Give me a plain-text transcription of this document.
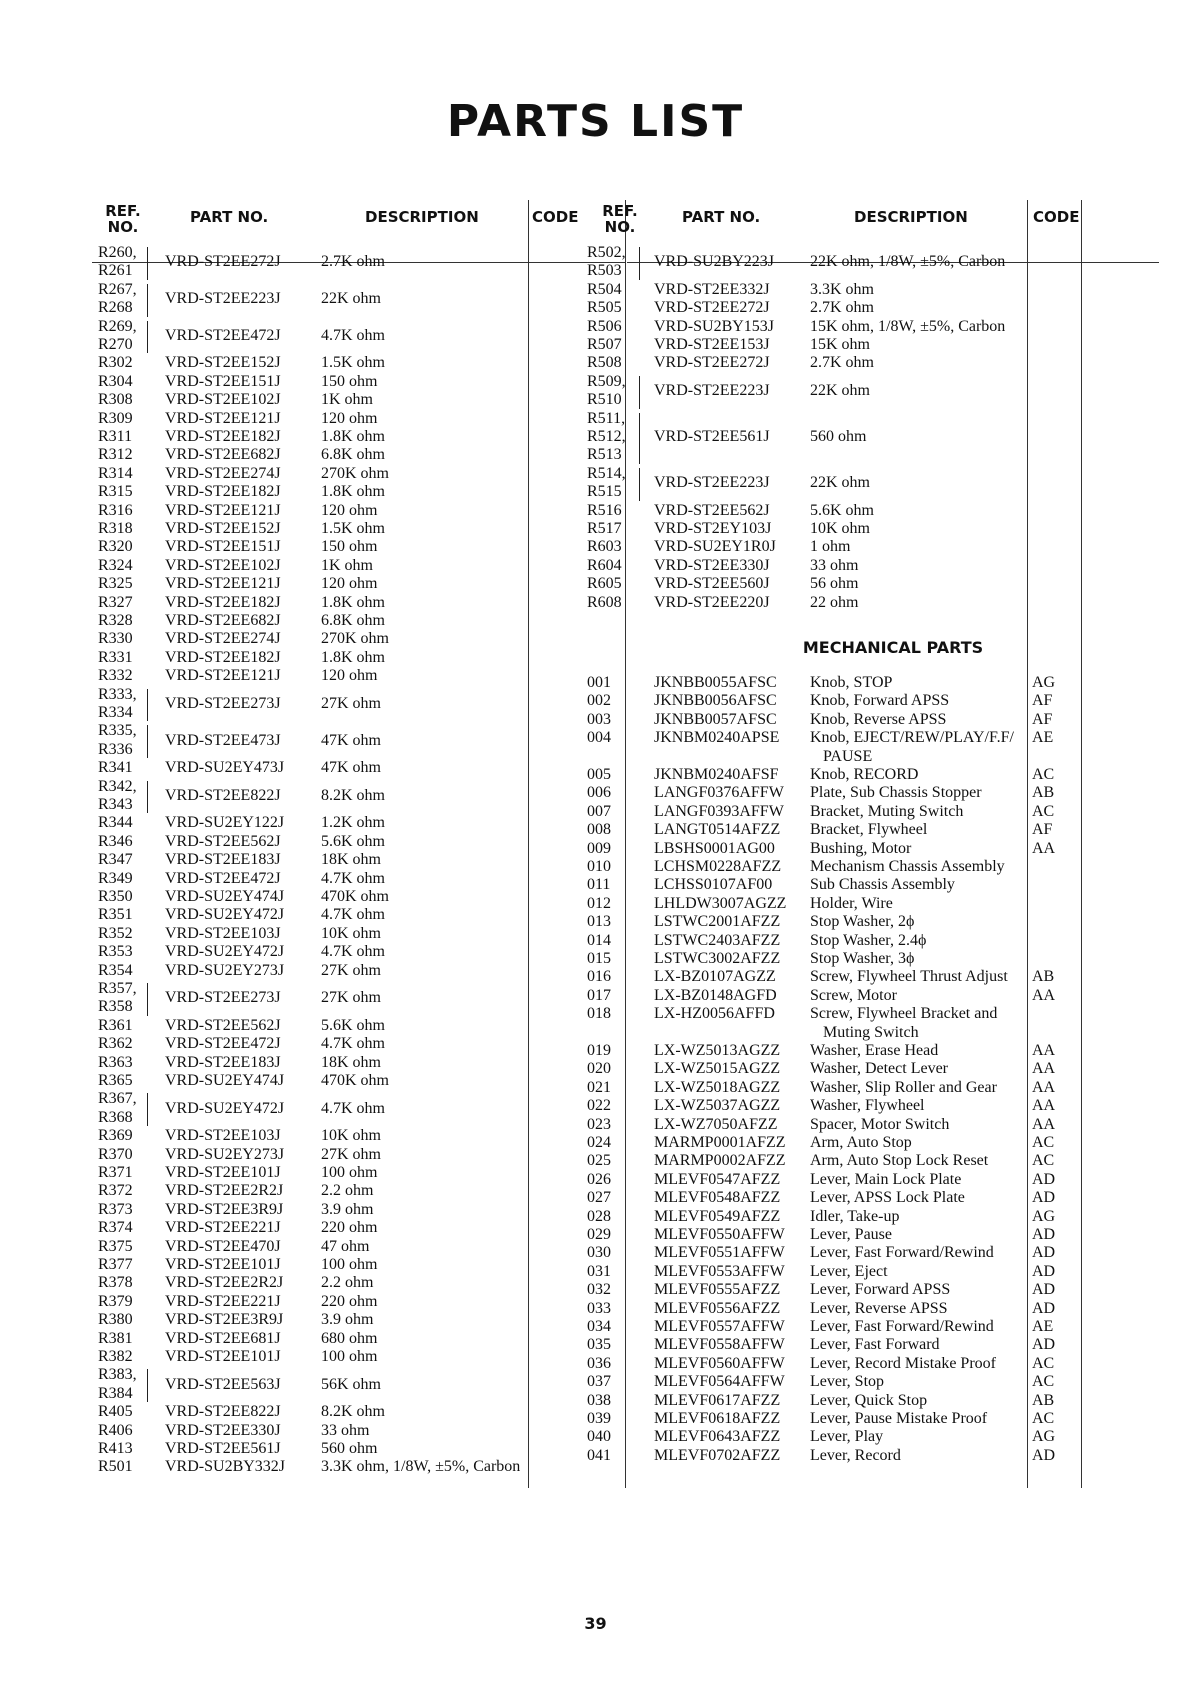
PARTS LIST
REF. NO.
PART NO.	DESCRIPTION	CODE
R260,
R261
VRD-ST2EE272J	2.7K ohm
R267,
R268
VRD-ST2EE223J	22K ohm
R269,
R270
VRD-ST2EE472J	4.7K ohm
R302 VRD-ST2EE152J	1.5K ohm
R304 VRD-ST2EE151J	150 ohm
R308 VRD-ST2EE102J	1K ohm
R309 VRD-ST2EE121J	120 ohm
R311 VRD-ST2EE182J	1.8K ohm
R312 VRD-ST2EE682J	6.8K ohm
R314 VRD-ST2EE274J	270K ohm
R315 VRD-ST2EE182J	1.8K ohm
R316 VRD-ST2EE121J	120 ohm
R318 VRD-ST2EE152J	1.5K ohm
R320 VRD-ST2EE151J	150 ohm
R324 VRD-ST2EE102J	1K ohm
R325 VRD-ST2EE121J	120 ohm
R327 VRD-ST2EE182J	1.8K ohm
R328 VRD-ST2EE682J	6.8K ohm
R330 VRD-ST2EE274J	270K ohm
R331 VRD-ST2EE182J	1.8K ohm
R332 VRD-ST2EE121J	120 ohm
R333,
R334
VRD-ST2EE273J	27K ohm
R335,
R336
VRD-ST2EE473J	47K ohm
R341 VRD-SU2EY473J 47K ohm
R342,
R343
VRD-ST2EE822J	8.2K ohm
R344 VRD-SU2EY122J 1.2K ohm
R346 VRD-ST2EE562J	5.6K ohm
R347 VRD-ST2EE183J	18K ohm
R349 VRD-ST2EE472J	4.7K ohm
R350 VRD-SU2EY474J 470K ohm
R351 VRD-SU2EY472J 4.7K ohm
R352 VRD-ST2EE103J	10K ohm
R353 VRD-SU2EY472J 4.7K ohm
R354 VRD-SU2EY273J 27K ohm
R357,
R358
VRD-ST2EE273J	27K ohm
R361 VRD-ST2EE562J	5.6K ohm
R362 VRD-ST2EE472J	4.7K ohm
R363 VRD-ST2EE183J	18K ohm
R365 VRD-SU2EY474J 470K ohm
R367,
R368
VRD-SU2EY472J 4.7K ohm
R369 VRD-ST2EE103J	10K ohm
R370 VRD-SU2EY273J 27K ohm
R371 VRD-ST2EE101J	100 ohm
R372 VRD-ST2EE2R2J 2.2 ohm
R373 VRD-ST2EE3R9J 3.9 ohm
R374 VRD-ST2EE221J	220 ohm
R375 VRD-ST2EE470J	47 ohm
R377 VRD-ST2EE101J	100 ohm
R378 VRD-ST2EE2R2J 2.2 ohm
R379 VRD-ST2EE221J	220 ohm
R380 VRD-ST2EE3R9J 3.9 ohm
R381 VRD-ST2EE681J	680 ohm
R382 VRD-ST2EE101J	100 ohm
R383,
R384
VRD-ST2EE563J	56K ohm
R405 VRD-ST2EE822J	8.2K ohm
R406 VRD-ST2EE330J	33 ohm
R413 VRD-ST2EE561J	560 ohm
R501 VRD-SU2BY332J 3.3K ohm, 1/8W, ±5%, Carbon
REF. NO.
PART NO.	DESCRIPTION	CODE
R502,
R503
VRD-SU2BY223J 22K ohm, 1/8W, ±5%, Carbon
R504 VRD-ST2EE332J	3.3K ohm
R505 VRD-ST2EE272J	2.7K ohm
R506 VRD-SU2BY153J 15K ohm, 1/8W, ±5%, Carbon
R507 VRD-ST2EE153J	15K ohm
R508 VRD-ST2EE272J	2.7K ohm
R509,
R510
VRD-ST2EE223J	22K ohm
R511,
R512,
R513
VRD-ST2EE561J	560 ohm
R514,
R515
VRD-ST2EE223J	22K ohm
R516 VRD-ST2EE562J	5.6K ohm
R517 VRD-ST2EY103J 10K ohm
R603 VRD-SU2EY1R0J 1 ohm
R604 VRD-ST2EE330J	33 ohm
R605 VRD-ST2EE560J	56 ohm
R608 VRD-ST2EE220J	22 ohm
MECHANICAL PARTS
001	JKNBB0055AFSC Knob, STOP	AG
002	JKNBB0056AFSC Knob, Forward APSS	AF
003	JKNBB0057AFSC Knob, Reverse APSS	AF
004	JKNBM0240APSE Knob, EJECT/REW/PLAY/F.F/
PAUSE
AE
005	JKNBM0240AFSF Knob, RECORD	AC
006	LANGF0376AFFW Plate, Sub Chassis Stopper	AB
007	LANGF0393AFFW Bracket, Muting Switch	AC
008	LANGT0514AFZZ Bracket, Flywheel	AF
009	LBSHS0001AG00 Bushing, Motor	AA
010	LCHSM0228AFZZ Mechanism Chassis Assembly
011	LCHSS0107AF00 Sub Chassis Assembly
012	LHLDW3007AGZZ Holder, Wire
013	LSTWC2001AFZZ Stop Washer, 2ϕ
014	LSTWC2403AFZZ Stop Washer, 2.4ϕ
015	LSTWC3002AFZZ Stop Washer, 3ϕ
016	LX-BZ0107AGZZ Screw, Flywheel Thrust Adjust AB
017	LX-BZ0148AGFD Screw, Motor	AA
018	LX-HZ0056AFFD Screw, Flywheel Bracket and
Muting Switch
019	LX-WZ5013AGZZ Washer, Erase Head	AA
020	LX-WZ5015AGZZ Washer, Detect Lever	AA
021	LX-WZ5018AGZZ Washer, Slip Roller and Gear AA
022	LX-WZ5037AGZZ Washer, Flywheel	AA
023	LX-WZ7050AFZZ Spacer, Motor Switch	AA
024	MARMP0001AFZZ Arm, Auto Stop	AC
025	MARMP0002AFZZ Arm, Auto Stop Lock Reset	AC
026	MLEVF0547AFZZ Lever, Main Lock Plate	AD
027	MLEVF0548AFZZ Lever, APSS Lock Plate	AD
028	MLEVF0549AFZZ Idler, Take-up	AG
029	MLEVF0550AFFW Lever, Pause	AD
030	MLEVF0551AFFW Lever, Fast Forward/Rewind AD
031	MLEVF0553AFFW Lever, Eject	AD
032	MLEVF0555AFZZ Lever, Forward APSS	AD
033	MLEVF0556AFZZ Lever, Reverse APSS	AD
034	MLEVF0557AFFW Lever, Fast Forward/Rewind AE
035	MLEVF0558AFFW Lever, Fast Forward	AD
036	MLEVF0560AFFW Lever, Record Mistake Proof AC
037	MLEVF0564AFFW Lever, Stop	AC
038	MLEVF0617AFZZ Lever, Quick Stop	AB
039	MLEVF0618AFZZ Lever, Pause Mistake Proof	AC
040	MLEVF0643AFZZ Lever, Play	AG
041	MLEVF0702AFZZ Lever, Record	AD
39
